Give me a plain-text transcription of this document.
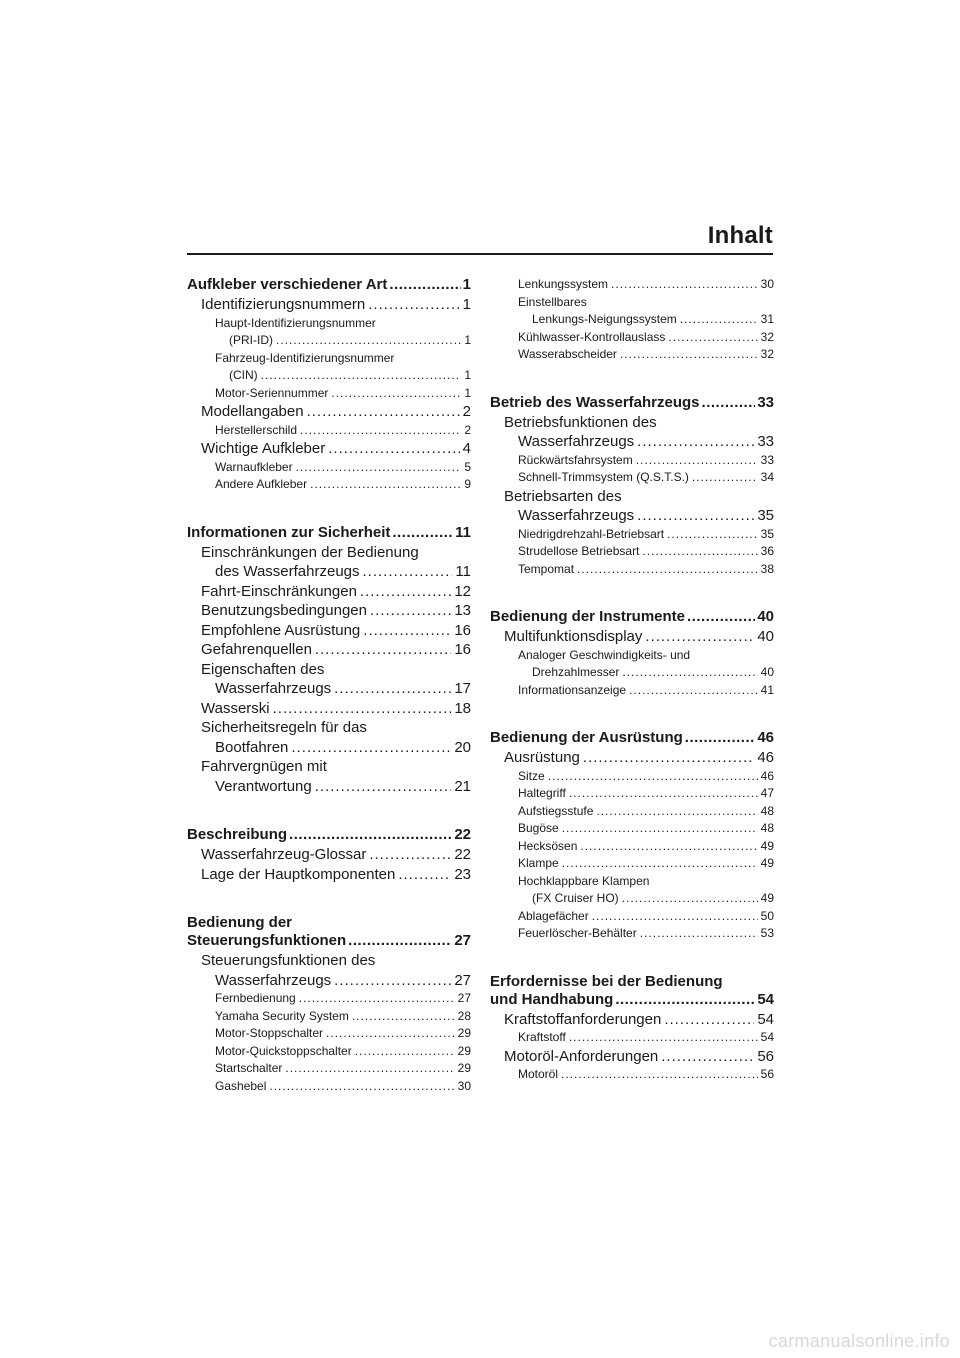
Inhalt
Aufkleber verschiedener Art .....	1
Identifizierungsnummern .....	1
Haupt-Identifizierungsnummer
(PRI-ID) .....	1
Fahrzeug-Identifizierungsnummer
(CIN) .....	1
Motor-Seriennummer .....	1
Modellangaben .....	2
Herstellerschild .....	2
Wichtige Aufkleber .....	4
Warnaufkleber .....	5
Andere Aufkleber .....	9
Informationen zur Sicherheit .....	11
Einschränkungen der Bedienung
des Wasserfahrzeugs .....	11
Fahrt-Einschränkungen .....	12
Benutzungsbedingungen .....	13
Empfohlene Ausrüstung .....	16
Gefahrenquellen .....	16
Eigenschaften des
Wasserfahrzeugs .....	17
Wasserski .....	18
Sicherheitsregeln für das
Bootfahren .....	20
Fahrvergnügen mit
Verantwortung .....	21
Beschreibung .....	22
Wasserfahrzeug-Glossar .....	22
Lage der Hauptkomponenten .....	23
Bedienung der
Steuerungsfunktionen .....	27
Steuerungsfunktionen des
Wasserfahrzeugs .....	27
Fernbedienung .....	27
Yamaha Security System .....	28
Motor-Stoppschalter .....	29
Motor-Quickstoppschalter .....	29
Startschalter .....	29
Gashebel .....	30
Lenkungssystem .....	30
Einstellbares
Lenkungs-Neigungssystem .....	31
Kühlwasser-Kontrollauslass .....	32
Wasserabscheider .....	32
Betrieb des Wasserfahrzeugs .....	33
Betriebsfunktionen des
Wasserfahrzeugs .....	33
Rückwärtsfahrsystem .....	33
Schnell-Trimmsystem (Q.S.T.S.) .....	34
Betriebsarten des
Wasserfahrzeugs .....	35
Niedrigdrehzahl-Betriebsart .....	35
Strudellose Betriebsart .....	36
Tempomat .....	38
Bedienung der Instrumente .....	40
Multifunktionsdisplay .....	40
Analoger Geschwindigkeits- und
Drehzahlmesser .....	40
Informationsanzeige .....	41
Bedienung der Ausrüstung .....	46
Ausrüstung .....	46
Sitze .....	46
Haltegriff .....	47
Aufstiegsstufe .....	48
Bugöse .....	48
Hecksösen .....	49
Klampe .....	49
Hochklappbare Klampen
(FX Cruiser HO) .....	49
Ablagefächer .....	50
Feuerlöscher-Behälter .....	53
Erfordernisse bei der Bedienung
und Handhabung .....	54
Kraftstoffanforderungen .....	54
Kraftstoff .....	54
Motoröl-Anforderungen .....	56
Motoröl .....	56
carmanualsonline.info
